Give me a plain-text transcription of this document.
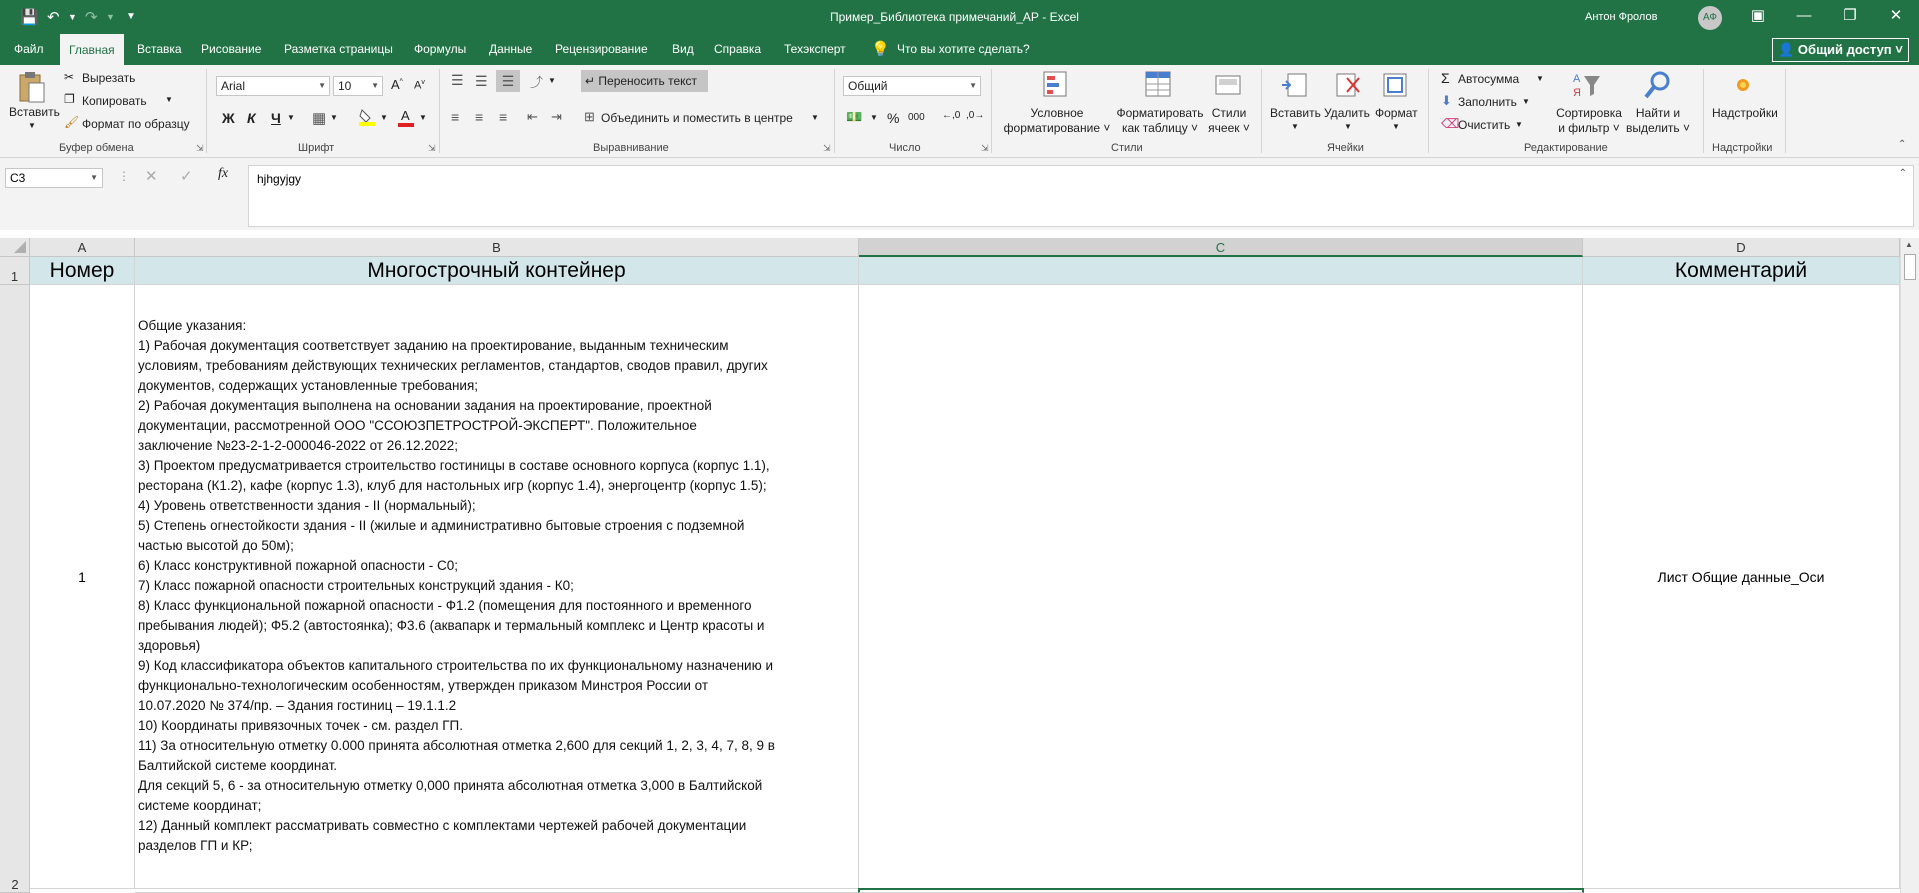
💾 ↶ ▼ ↷ ▼ ▼	Пример_Библиотека примечаний_АР - Excel	Антон Фролов	АФ	▣	—	❐	✕
Файл	Главная	Вставка	Рисование	Разметка страницы	Формулы	Данные	Рецензирование	Вид	Справка	Техэксперт	💡 Что вы хотите сделать?	👤 Общий доступ ˅
Вставить
▼
✂ Вырезать
❐ Копировать ▼
🖌 Формат по образцу
Буфер обмена	⇲
Arial	▼	10 ▼ A^ $A^v$
Ж К Ч ▼ ▦ ▼	▼ A ▼
Шрифт	⇲
☰ ☰	☰	⤴ ▼	↵ Переносить текст
≡ ≡ ≡ ⇤ ⇥ ⊞ Объединить и поместить в центре ▼
Выравнивание	⇲
Общий	▼
💵 ▼ % 000 ←,0 ,0→
Число	⇲
Условное
форматирование ˅
Форматировать
как таблицу ˅
Стили
ячеек ˅
Стили
Вставить
▼
Удалить
▼
Формат
▼
Ячейки
Σ Автосумма ▼
⬇ Заполнить ▼
⌫
Очистить ▼
А
Я
Сортировка
и фильтр ˅
Найти и
выделить ˅
Редактирование
Надстройки
Надстройки	⌃
C3	▼ ⋮ ✕ ✓ fx	hjhgyjgy	⌃
A	B	C	D
1
2
Номер	Многострочный контейнер	Комментарий
1
Общие указания:
1) Рабочая документация соответствует заданию на проектирование, выданным техническим
условиям, требованиям действующих технических регламентов, стандартов, сводов правил, других
документов, содержащих установленные требования;
2) Рабочая документация выполнена на основании задания на проектирование, проектной
документации, рассмотренной ООО "ССОЮЗПЕТРОСТРОЙ-ЭКСПЕРТ". Положительное
заключение №23-2-1-2-000046-2022 от 26.12.2022;
3) Проектом предусматривается строительство гостиницы в составе основного корпуса (корпус 1.1),
ресторана (К1.2), кафе (корпус 1.3), клуб для настольных игр (корпус 1.4), энергоцентр (корпус 1.5);
4) Уровень ответственности здания - II (нормальный);
5) Степень огнестойкости здания - II (жилые и административно бытовые строения с подземной
частью высотой до 50м);
6) Класс конструктивной пожарной опасности - С0;
7) Класс пожарной опасности строительных конструкций здания - К0;
8) Класс функциональной пожарной опасности - Ф1.2 (помещения для постоянного и временного
пребывания людей); Ф5.2 (автостоянка); Ф3.6 (аквапарк и термальный комплекс и Центр красоты и
здоровья)
9) Код классификатора объектов капитального строительства по их функциональному назначению и
функционально-технологическим особенностям, утвержден приказом Минстроя России от
10.07.2020 № 374/пр. – Здания гостиниц – 19.1.1.2
10) Координаты привязочных точек - см. раздел ГП.
11) За относительную отметку 0.000 принята абсолютная отметка 2,600 для секций 1, 2, 3, 4, 7, 8, 9 в
Балтийской системе координат.
Для секций 5, 6 - за относительную отметку 0,000 принята абсолютная отметка 3,000 в Балтийской
системе координат;
12) Данный комплект рассматривать совместно с комплектами чертежей рабочей документации
разделов ГП и КР;
Лист Общие данные_Оси
▲
